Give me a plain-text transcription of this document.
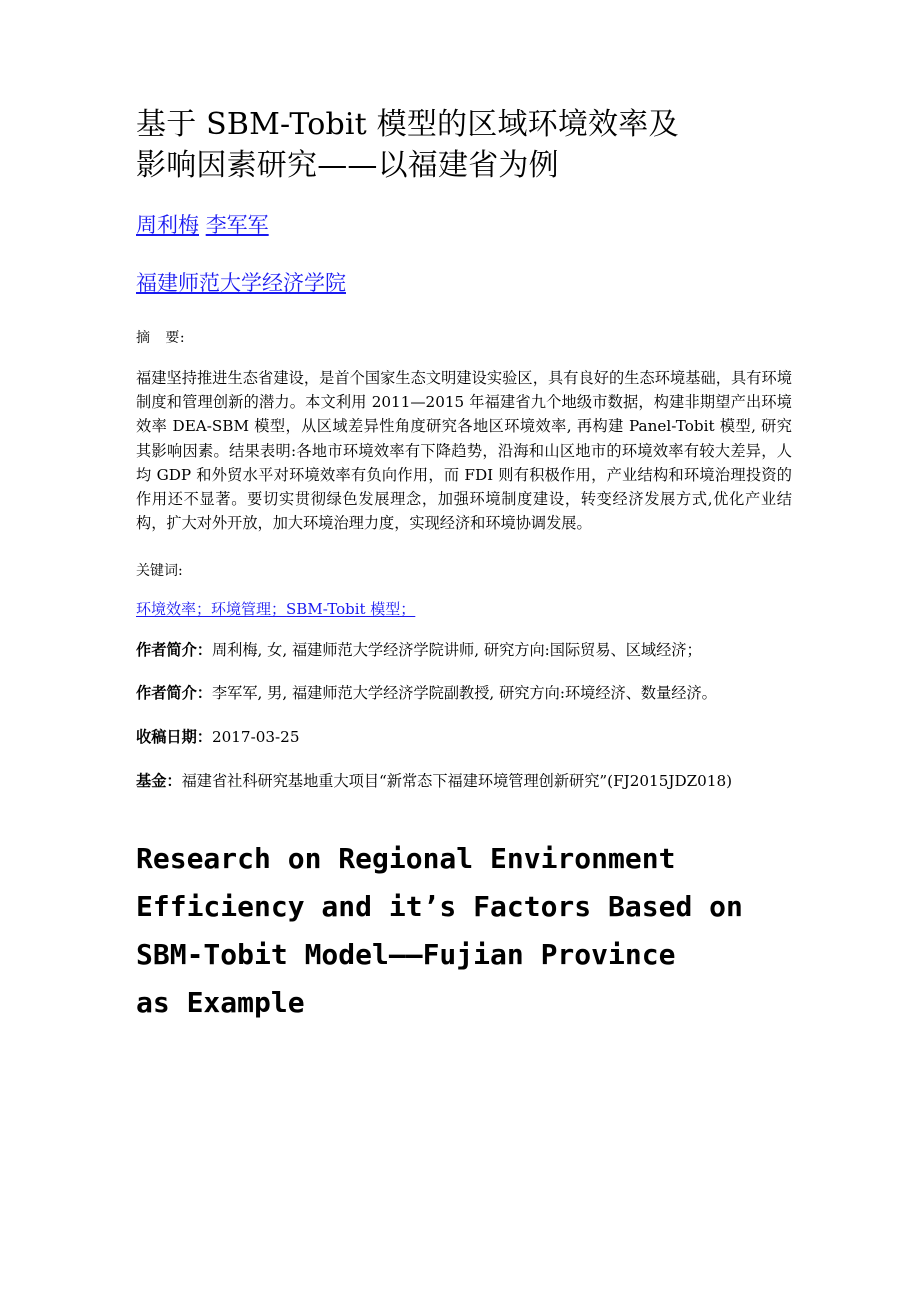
基于 SBM-Tobit 模型的区域环境效率及
影响因素研究——以福建省为例
周利梅 李军军
福建师范大学经济学院
摘   要:
福建坚持推进生态省建设，是首个国家生态文明建设实验区，具有良好的生态环境基础，具有环境制度和管理创新的潜力。本文利用 2011—2015 年福建省九个地级市数据，构建非期望产出环境效率 DEA-SBM 模型，从区域差异性角度研究各地区环境效率, 再构建 Panel-Tobit 模型, 研究其影响因素。结果表明:各地市环境效率有下降趋势，沿海和山区地市的环境效率有较大差异，人均 GDP 和外贸水平对环境效率有负向作用，而 FDI 则有积极作用，产业结构和环境治理投资的作用还不显著。要切实贯彻绿色发展理念，加强环境制度建设，转变经济发展方式,优化产业结构，扩大对外开放，加大环境治理力度，实现经济和环境协调发展。
关键词:
环境效率；环境管理；SBM-Tobit 模型；
作者简介：周利梅, 女, 福建师范大学经济学院讲师, 研究方向:国际贸易、区域经济；
作者简介：李军军, 男, 福建师范大学经济学院副教授, 研究方向:环境经济、数量经济。
收稿日期：2017-03-25
基金：福建省社科研究基地重大项目“新常态下福建环境管理创新研究”(FJ2015JDZ018)
Research on Regional Environment
Efficiency and it’s Factors Based on
SBM-Tobit Model——Fujian Province
as Example
